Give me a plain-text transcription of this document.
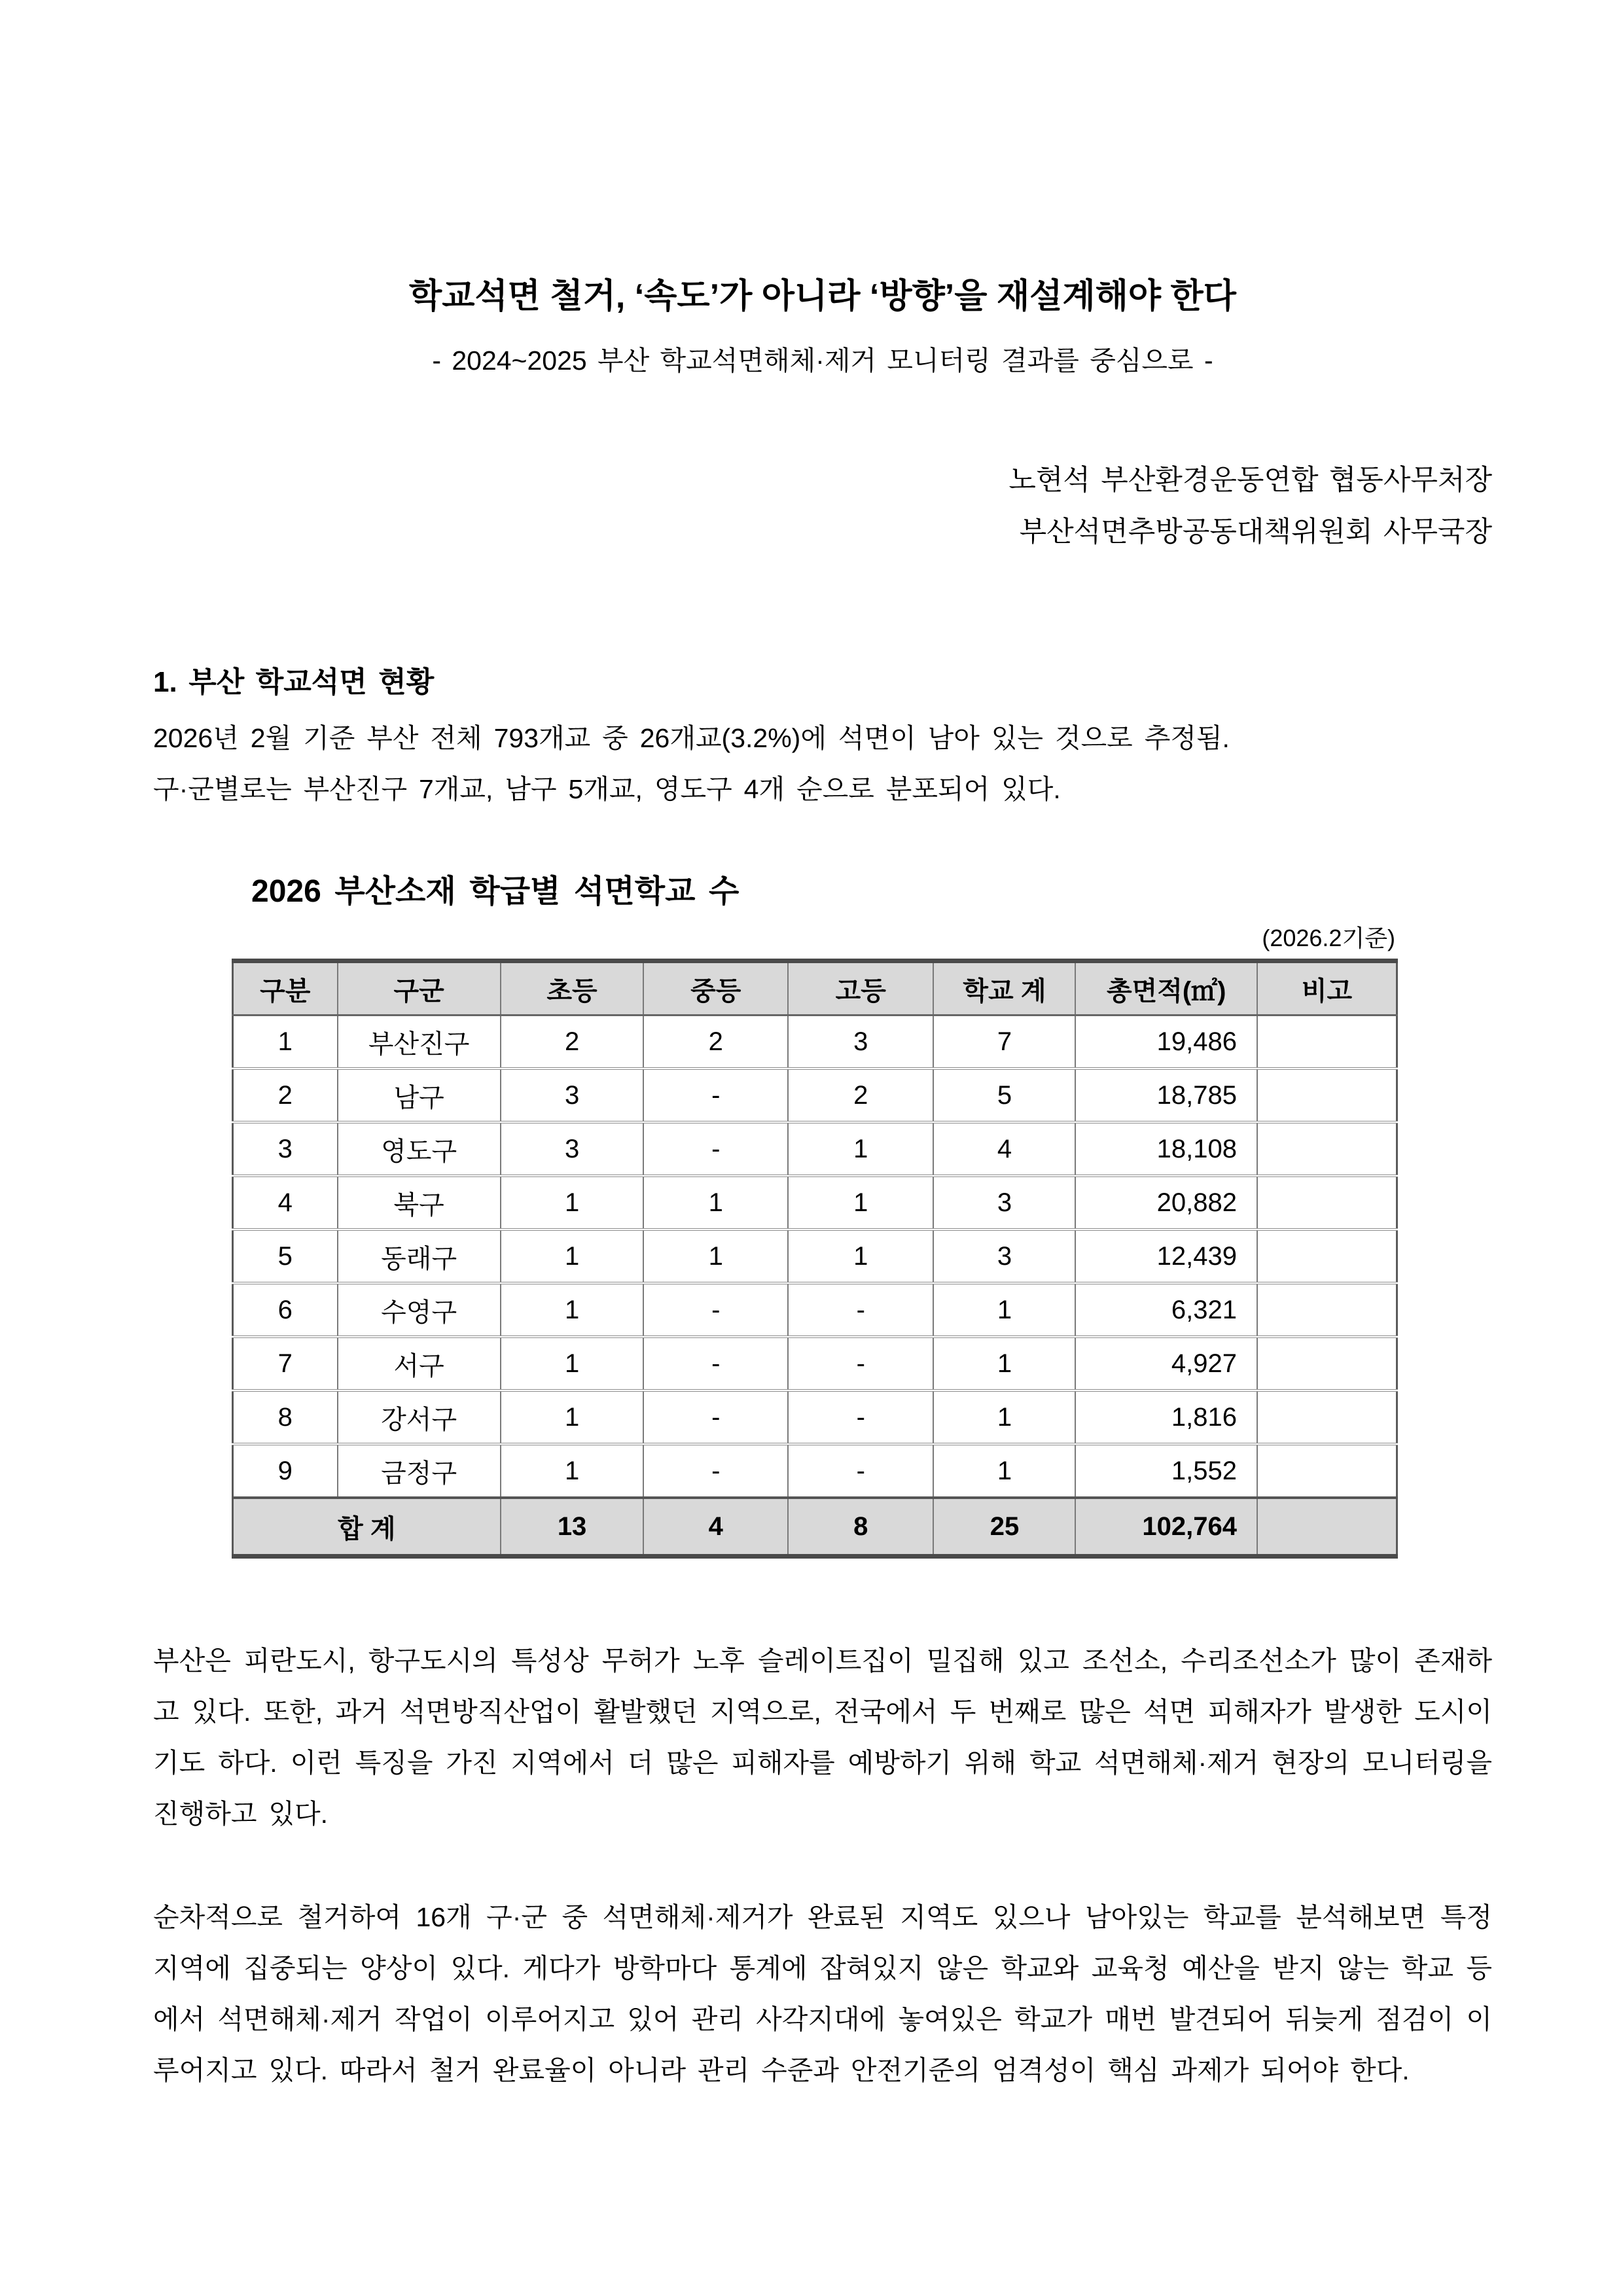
학교석면 철거, ‘속도’가 아니라 ‘방향’을 재설계해야 한다
- 2024~2025 부산 학교석면해체·제거 모니터링 결과를 중심으로 -
노현석 부산환경운동연합 협동사무처장
부산석면추방공동대책위원회 사무국장
1. 부산 학교석면 현황
2026년 2월 기준 부산 전체 793개교 중 26개교(3.2%)에 석면이 남아 있는 것으로 추정됨.
구·군별로는 부산진구 7개교, 남구 5개교, 영도구 4개 순으로 분포되어 있다.
2026 부산소재 학급별 석면학교 수
(2026.2기준)
구분	구군	초등	중등	고등	학교 계	총면적(㎡)	비고
1	부산진구	2	2	3	7	19,486	
2	남구	3	-	2	5	18,785	
3	영도구	3	-	1	4	18,108	
4	북구	1	1	1	3	20,882	
5	동래구	1	1	1	3	12,439	
6	수영구	1	-	-	1	6,321	
7	서구	1	-	-	1	4,927	
8	강서구	1	-	-	1	1,816	
9	금정구	1	-	-	1	1,552	
합 계		13	4	8	25	102,764	
부산은 피란도시, 항구도시의 특성상 무허가 노후 슬레이트집이 밀집해 있고 조선소, 수리조선소가 많이 존재하고 있다. 또한, 과거 석면방직산업이 활발했던 지역으로, 전국에서 두 번째로 많은 석면 피해자가 발생한 도시이기도 하다. 이런 특징을 가진 지역에서 더 많은 피해자를 예방하기 위해 학교 석면해체·제거 현장의 모니터링을 진행하고 있다.
순차적으로 철거하여 16개 구·군 중 석면해체·제거가 완료된 지역도 있으나 남아있는 학교를 분석해보면 특정 지역에 집중되는 양상이 있다. 게다가 방학마다 통계에 잡혀있지 않은 학교와 교육청 예산을 받지 않는 학교 등에서 석면해체·제거 작업이 이루어지고 있어 관리 사각지대에 놓여있은 학교가 매번 발견되어 뒤늦게 점검이 이루어지고 있다. 따라서 철거 완료율이 아니라 관리 수준과 안전기준의 엄격성이 핵심 과제가 되어야 한다.
